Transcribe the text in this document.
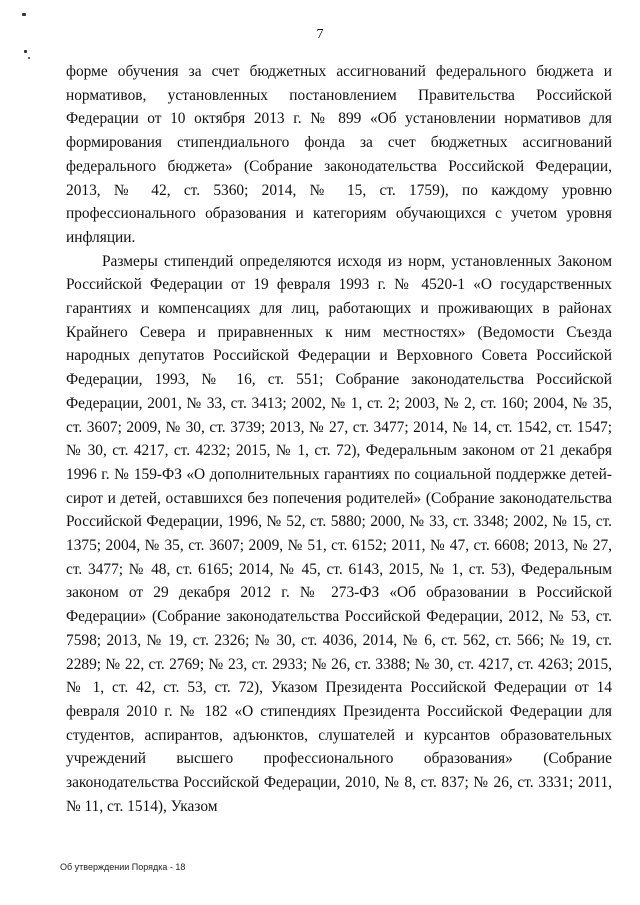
7

форме обучения за счет бюджетных ассигнований федерального бюджета и нормативов, установленных постановлением Правительства Российской Федерации от 10 октября 2013 г. № 899 «Об установлении нормативов для формирования стипендиального фонда за счет бюджетных ассигнований федерального бюджета» (Собрание законодательства Российской Федерации, 2013, № 42, ст. 5360; 2014, № 15, ст. 1759), по каждому уровню профессионального образования и категориям обучающихся с учетом уровня инфляции.

Размеры стипендий определяются исходя из норм, установленных Законом Российской Федерации от 19 февраля 1993 г. № 4520-1 «О государственных гарантиях и компенсациях для лиц, работающих и проживающих в районах Крайнего Севера и приравненных к ним местностях» (Ведомости Съезда народных депутатов Российской Федерации и Верховного Совета Российской Федерации, 1993, № 16, ст. 551; Собрание законодательства Российской Федерации, 2001, № 33, ст. 3413; 2002, № 1, ст. 2; 2003, № 2, ст. 160; 2004, № 35, ст. 3607; 2009, № 30, ст. 3739; 2013, № 27, ст. 3477; 2014, № 14, ст. 1542, ст. 1547; № 30, ст. 4217, ст. 4232; 2015, № 1, ст. 72), Федеральным законом от 21 декабря 1996 г. № 159-ФЗ «О дополнительных гарантиях по социальной поддержке детей-сирот и детей, оставшихся без попечения родителей» (Собрание законодательства Российской Федерации, 1996, № 52, ст. 5880; 2000, № 33, ст. 3348; 2002, № 15, ст. 1375; 2004, № 35, ст. 3607; 2009, № 51, ст. 6152; 2011, № 47, ст. 6608; 2013, № 27, ст. 3477; № 48, ст. 6165; 2014, № 45, ст. 6143, 2015, № 1, ст. 53), Федеральным законом от 29 декабря 2012 г. № 273-ФЗ «Об образовании в Российской Федерации» (Собрание законодательства Российской Федерации, 2012, № 53, ст. 7598; 2013, № 19, ст. 2326; № 30, ст. 4036, 2014, № 6, ст. 562, ст. 566; № 19, ст. 2289; № 22, ст. 2769; № 23, ст. 2933; № 26, ст. 3388; № 30, ст. 4217, ст. 4263; 2015, № 1, ст. 42, ст. 53, ст. 72), Указом Президента Российской Федерации от 14 февраля 2010 г. № 182 «О стипендиях Президента Российской Федерации для студентов, аспирантов, адъюнктов, слушателей и курсантов образовательных учреждений высшего профессионального образования» (Собрание законодательства Российской Федерации, 2010, № 8, ст. 837; № 26, ст. 3331; 2011, № 11, ст. 1514), Указом

Об утверждении Порядка - 18
